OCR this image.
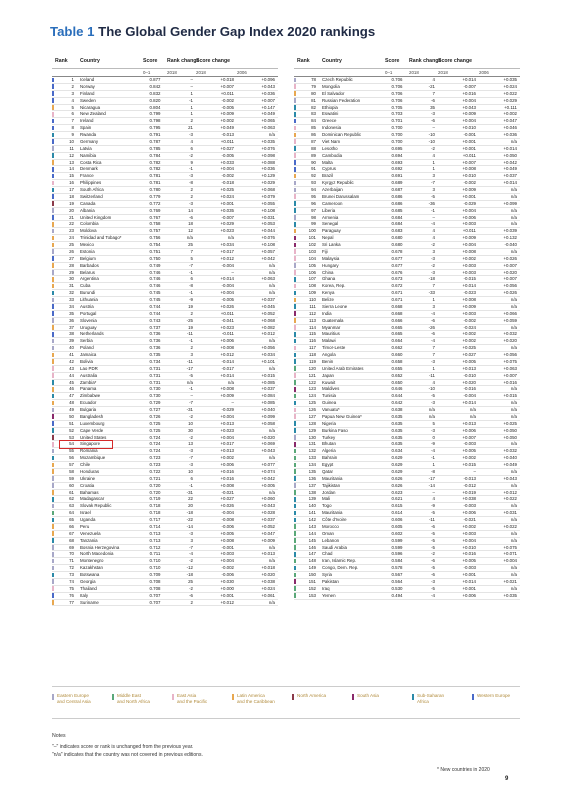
Table 1 The Global Gender Gap Index 2020 rankings
	Rank	Country	Score	Rank change	Score change	
			0–1	2018	2018	2006
	1	Iceland	0.877	–	+0.018	+0.096
	2	Norway	0.842	–	+0.007	+0.043
	3	Finland	0.832	1	+0.011	+0.036
	4	Sweden	0.820	-1	-0.002	+0.007
	5	Nicaragua	0.804	1	-0.005	+0.147
	6	New Zealand	0.799	1	+0.009	+0.049
	7	Ireland	0.798	2	+0.002	+0.065
	8	Spain	0.795	21	+0.049	+0.063
	9	Rwanda	0.791	-3	-0.013	n/a
	10	Germany	0.787	4	+0.011	+0.035
	11	Latvia	0.785	6	+0.027	+0.076
	12	Namibia	0.784	-2	-0.005	+0.098
	13	Costa Rica	0.782	9	+0.033	+0.088
	14	Denmark	0.782	-1	+0.004	+0.036
	15	France	0.781	-3	-0.002	+0.129
	16	Philippines	0.781	-8	-0.018	+0.029
	17	South Africa	0.780	2	+0.025	+0.068
	18	Switzerland	0.779	2	+0.024	+0.079
	19	Canada	0.772	-3	+0.001	+0.055
	20	Albania	0.769	14	+0.035	+0.108
	21	United Kingdom	0.767	-6	-0.007	+0.031
	22	Colombia	0.758	18	+0.029	+0.053
	23	Moldova	0.757	12	+0.023	+0.044
	24	Trinidad and Tobago*	0.756	n/a	n/a	+0.076
	25	Mexico	0.754	25	+0.034	+0.108
	26	Estonia	0.751	7	+0.017	+0.057
	27	Belgium	0.750	5	+0.012	+0.042
	28	Barbados	0.749	-7	-0.004	n/a
	29	Belarus	0.746	-1	–	n/a
	30	Argentina	0.746	6	+0.014	+0.063
	31	Cuba	0.746	-8	-0.004	n/a
	32	Burundi	0.745	-1	+0.004	n/a
	33	Lithuania	0.745	-9	-0.005	+0.037
	34	Austria	0.744	19	+0.026	+0.045
	35	Portugal	0.744	2	+0.011	+0.052
	36	Slovenia	0.743	-25	-0.041	+0.068
	37	Uruguay	0.737	19	+0.023	+0.082
	38	Netherlands	0.736	-11	-0.011	+0.012
	39	Serbia	0.736	-1	+0.006	n/a
	40	Poland	0.736	2	+0.008	+0.056
	41	Jamaica	0.735	3	+0.012	+0.034
	42	Bolivia	0.734	-11	-0.014	+0.101
	43	Lao PDR	0.731	-17	-0.017	n/a
	44	Australia	0.731	-5	+0.014	+0.015
	45	Zambia*	0.731	n/a	n/a	+0.085
	46	Panama	0.730	-1	+0.008	+0.037
	47	Zimbabwe	0.730	–	+0.009	+0.084
	48	Ecuador	0.729	-7	–	+0.085
	49	Bulgaria	0.727	-31	-0.029	+0.040
	50	Bangladesh	0.726	-2	+0.004	+0.099
	51	Luxembourg	0.725	10	+0.013	+0.058
	52	Cape Verde	0.725	30	+0.023	n/a
	53	United States	0.724	-2	+0.004	+0.020
	54	Singapore	0.724	13	+0.017	+0.069
	55	Romania	0.724	-3	+0.013	+0.043
	56	Mozambique	0.723	-7	+0.002	n/a
	57	Chile	0.723	-3	+0.006	+0.077
	58	Honduras	0.722	10	+0.016	+0.074
	59	Ukraine	0.721	6	+0.016	+0.042
	60	Croatia	0.720	-1	+0.008	+0.005
	61	Bahamas	0.720	-31	-0.021	n/a
	62	Madagascar	0.719	22	+0.027	+0.060
	63	Slovak Republic	0.718	20	+0.026	+0.043
	64	Israel	0.718	-18	-0.004	+0.028
	65	Uganda	0.717	-22	-0.008	+0.037
	66	Peru	0.714	-14	-0.006	+0.052
	67	Venezuela	0.713	-3	+0.005	+0.047
	68	Tanzania	0.713	3	+0.008	+0.009
	69	Bosnia Herzegovina	0.712	-7	-0.001	n/a
	70	North Macedonia	0.711	-4	+0.003	+0.013
	71	Montenegro	0.710	-2	+0.004	n/a
	72	Kazakhstan	0.710	-12	-0.002	+0.018
	73	Botswana	0.709	-18	-0.006	+0.020
	74	Georgia	0.708	25	+0.030	+0.038
	75	Thailand	0.708	-2	+0.000	+0.024
	76	Italy	0.707	-6	+0.001	+0.061
	77	Suriname	0.707	2	+0.012	n/a
	Rank	Country	Score	Rank change	Score change	
			0–1	2018	2018	2006
	78	Czech Republic	0.706	4	+0.014	+0.035
	79	Mongolia	0.706	-21	-0.007	+0.024
	80	El Salvador	0.706	7	+0.016	+0.022
	81	Russian Federation	0.706	-6	+0.004	+0.029
	82	Ethiopia	0.705	35	+0.043	+0.111
	83	Eswatini	0.703	-3	+0.009	+0.002
	84	Greece	0.701	-6	+0.004	+0.047
	85	Indonesia	0.700	–	+0.010	+0.046
	86	Dominican Republic	0.700	-10	-0.001	+0.036
	87	Viet Nam	0.700	-10	+0.001	n/a
	88	Lesotho	0.695	-2	+0.001	+0.014
	89	Cambodia	0.694	4	+0.011	+0.050
	90	Malta	0.693	1	+0.007	+0.042
	91	Cyprus	0.692	1	+0.008	+0.049
	92	Brazil	0.691	3	+0.010	+0.037
	93	Kyrgyz Republic	0.689	-7	-0.002	+0.014
	94	Azerbaijan	0.687	3	+0.009	n/a
	95	Brunei Darussalam	0.686	-5	+0.001	n/a
	96	Cameroon	0.686	-36	-0.029	+0.099
	97	Liberia	0.685	-1	+0.004	n/a
	98	Armenia	0.684	–	+0.006	n/a
	99	Senegal	0.684	-4	+0.003	n/a
	100	Paraguay	0.683	4	+0.011	+0.039
	101	Nepal	0.680	4	+0.009	+0.132
	102	Sri Lanka	0.680	-2	+0.004	-0.040
	103	Fiji	0.678	3	+0.008	n/a
	104	Malaysia	0.677	-3	+0.002	+0.026
	105	Hungary	0.677	-2	+0.003	+0.007
	106	China	0.676	-3	+0.003	+0.020
	107	Ghana	0.673	-18	-0.015	+0.007
	108	Korea, Rep.	0.672	7	+0.014	+0.056
	109	Kenya	0.671	-33	-0.023	+0.026
	110	Belize	0.671	1	+0.008	n/a
	111	Sierra Leone	0.668	3	+0.009	n/a
	112	India	0.668	-4	+0.003	+0.066
	113	Guatemala	0.666	-6	-0.002	+0.059
	114	Myanmar	0.665	-26	-0.024	n/a
	115	Mauritius	0.665	-6	+0.002	+0.032
	116	Malawi	0.664	-4	+0.002	+0.020
	117	Timor-Leste	0.662	7	+0.025	n/a
	118	Angola	0.660	7	+0.027	+0.056
	119	Benin	0.658	-3	+0.005	+0.075
	120	United Arab Emirates	0.655	1	+0.013	+0.063
	121	Japan	0.652	-11	-0.010	+0.007
	122	Kuwait	0.650	4	+0.020	+0.016
	123	Maldives	0.646	-10	-0.016	n/a
	124	Tunisia	0.644	-5	-0.004	+0.015
	125	Guinea	0.642	-3	+0.014	n/a
	126	Vanuatu*	0.638	n/a	n/a	n/a
	127	Papua New Guinea*	0.635	n/a	n/a	n/a
	128	Nigeria	0.635	5	+0.013	+0.025
	129	Burkina Faso	0.635	-3	+0.006	+0.050
	130	Turkey	0.635	0	+0.007	+0.050
	131	Bhutan	0.635	-9	-0.003	n/a
	132	Algeria	0.634	-4	+0.005	+0.032
	133	Bahrain	0.629	-1	+0.002	+0.040
	134	Egypt	0.629	1	+0.015	+0.049
	135	Qatar	0.629	-8	–	n/a
	136	Mauritania	0.626	-17	-0.013	+0.043
	137	Tajikistan	0.626	-14	-0.012	n/a
	138	Jordan	0.623	–	+0.019	+0.012
	139	Mali	0.621	4	+0.038	+0.022
	140	Togo	0.615	-9	-0.003	n/a
	141	Mauritania	0.614	-5	+0.006	+0.031
	142	Côte d'Ivoire	0.606	-11	-0.021	n/a
	143	Morocco	0.605	-6	+0.002	+0.022
	144	Oman	0.602	-5	+0.003	n/a
	145	Lebanon	0.599	-5	+0.004	n/a
	146	Saudi Arabia	0.599	-5	+0.010	+0.075
	147	Chad	0.596	-2	+0.016	+0.071
	148	Iran, Islamic Rep.	0.584	-6	+0.005	+0.004
	149	Congo, Dem. Rep.	0.578	-5	-0.003	n/a
	150	Syria	0.567	-6	+0.001	n/a
	151	Pakistan	0.564	-3	+0.014	+0.021
	152	Iraq	0.530	-5	+0.001	n/a
	153	Yemen	0.494	-4	+0.006	+0.035
Eastern Europe
and Central Asia
Middle East
and North Africa
East Asia
and the Pacific
Latin America
and the Caribbean
North America	South Asia	Sub-Saharan
Africa
Western Europe
Notes
"–" indicates score or rank is unchanged from the previous year.
"n/a" indicates that the country was not covered in previous editions.
* New countries in 2020
9
